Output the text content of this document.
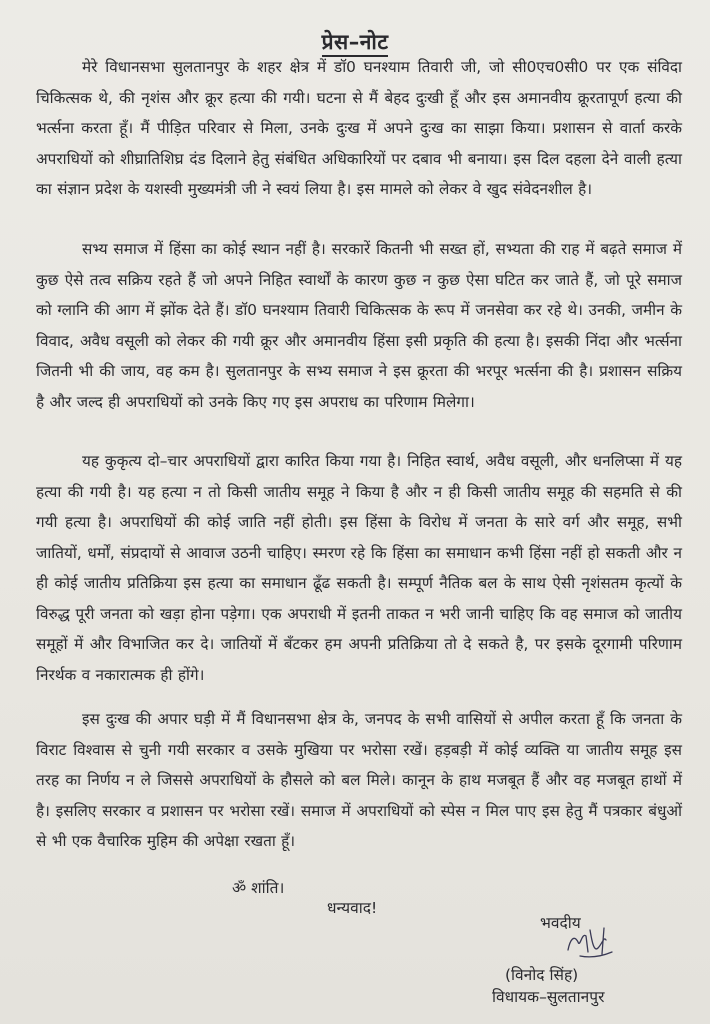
प्रेस–नोट

मेरे विधानसभा सुलतानपुर के शहर क्षेत्र में डॉ0 घनश्याम तिवारी जी, जो सी0एच0सी0 पर एक संविदा चिकित्सक थे, की नृशंस और क्रूर हत्या की गयी। घटना से मैं बेहद दुःखी हूँ और इस अमानवीय क्रूरतापूर्ण हत्या की भर्त्सना करता हूँ। मैं पीड़ित परिवार से मिला, उनके दुःख में अपने दुःख का साझा किया। प्रशासन से वार्ता करके अपराधियों को शीघ्रातिशिघ्र दंड दिलाने हेतु संबंधित अधिकारियों पर दबाव भी बनाया। इस दिल दहला देने वाली हत्या का संज्ञान प्रदेश के यशस्वी मुख्यमंत्री जी ने स्वयं लिया है। इस मामले को लेकर वे खुद संवेदनशील है।

सभ्य समाज में हिंसा का कोई स्थान नहीं है। सरकारें कितनी भी सख्त हों, सभ्यता की राह में बढ़ते समाज में कुछ ऐसे तत्व सक्रिय रहते हैं जो अपने निहित स्वार्थों के कारण कुछ न कुछ ऐसा घटित कर जाते हैं, जो पूरे समाज को ग्लानि की आग में झोंक देते हैं। डॉ0 घनश्याम तिवारी चिकित्सक के रूप में जनसेवा कर रहे थे। उनकी, जमीन के विवाद, अवैध वसूली को लेकर की गयी क्रूर और अमानवीय हिंसा इसी प्रकृति की हत्या है। इसकी निंदा और भर्त्सना जितनी भी की जाय, वह कम है। सुलतानपुर के सभ्य समाज ने इस क्रूरता की भरपूर भर्त्सना की है। प्रशासन सक्रिय है और जल्द ही अपराधियों को उनके किए गए इस अपराध का परिणाम मिलेगा।

यह कुकृत्य दो–चार अपराधियों द्वारा कारित किया गया है। निहित स्वार्थ, अवैध वसूली, और धनलिप्सा में यह हत्या की गयी है। यह हत्या न तो किसी जातीय समूह ने किया है और न ही किसी जातीय समूह की सहमति से की गयी हत्या है। अपराधियों की कोई जाति नहीं होती। इस हिंसा के विरोध में जनता के सारे वर्ग और समूह, सभी जातियों, धर्मों, संप्रदायों से आवाज उठनी चाहिए। स्मरण रहे कि हिंसा का समाधान कभी हिंसा नहीं हो सकती और न ही कोई जातीय प्रतिक्रिया इस हत्या का समाधान ढूँढ सकती है। सम्पूर्ण नैतिक बल के साथ ऐसी नृशंसतम कृत्यों के विरुद्ध पूरी जनता को खड़ा होना पड़ेगा। एक अपराधी में इतनी ताकत न भरी जानी चाहिए कि वह समाज को जातीय समूहों में और विभाजित कर दे। जातियों में बँटकर हम अपनी प्रतिक्रिया तो दे सकते है, पर इसके दूरगामी परिणाम निरर्थक व नकारात्मक ही होंगे।

इस दुःख की अपार घड़ी में मैं विधानसभा क्षेत्र के, जनपद के सभी वासियों से अपील करता हूँ कि जनता के विराट विश्वास से चुनी गयी सरकार व उसके मुखिया पर भरोसा रखें। हड़बड़ी में कोई व्यक्ति या जातीय समूह इस तरह का निर्णय न ले जिससे अपराधियों के हौसले को बल मिले। कानून के हाथ मजबूत हैं और वह मजबूत हाथों में है। इसलिए सरकार व प्रशासन पर भरोसा रखें। समाज में अपराधियों को स्पेस न मिल पाए इस हेतु मैं पत्रकार बंधुओं से भी एक वैचारिक मुहिम की अपेक्षा रखता हूँ।

ॐ शांति।
धन्यवाद!
भवदीय
(विनोद सिंह)
विधायक–सुलतानपुर
